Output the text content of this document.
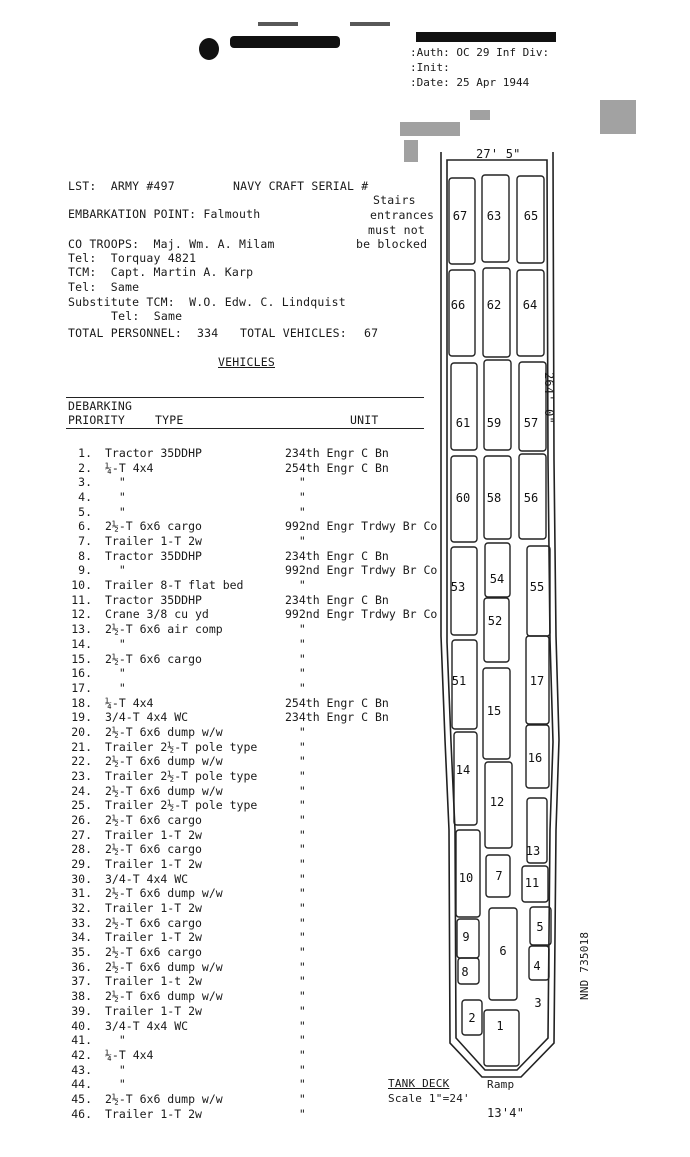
:Auth: OC 29 Inf Div:
:Init:
:Date: 25 Apr 1944
LST:  ARMY #497	NAVY CRAFT SERIAL #
EMBARKATION POINT: Falmouth
Stairs
entrances
must not
be blocked
CO TROOPS:  Maj. Wm. A. Milam
Tel:  Torquay 4821
TCM:  Capt. Martin A. Karp
Tel:  Same
Substitute TCM:  W.O. Edw. C. Lindquist
Tel:  Same
TOTAL PERSONNEL: 334 TOTAL VEHICLES: 67
VEHICLES
DEBARKING
PRIORITY	TYPE	UNIT
1. Tractor 35DDHP	234th Engr C Bn
2. ¼-T 4x4	254th Engr C Bn
3. "	"
4. "	"
5. "	"
6. 2½-T 6x6 cargo	992nd Engr Trdwy Br Co
7. Trailer 1-T 2w	"
8. Tractor 35DDHP	234th Engr C Bn
9. "	992nd Engr Trdwy Br Co
10. Trailer 8-T flat bed	"
11. Tractor 35DDHP	234th Engr C Bn
12. Crane 3/8 cu yd	992nd Engr Trdwy Br Co
13. 2½-T 6x6 air comp	"
14. "	"
15. 2½-T 6x6 cargo	"
16. "	"
17. "	"
18. ¼-T 4x4	254th Engr C Bn
19. 3/4-T 4x4 WC	234th Engr C Bn
20. 2½-T 6x6 dump w/w	"
21. Trailer 2½-T pole type "
22. 2½-T 6x6 dump w/w	"
23. Trailer 2½-T pole type "
24. 2½-T 6x6 dump w/w	"
25. Trailer 2½-T pole type "
26. 2½-T 6x6 cargo	"
27. Trailer 1-T 2w	"
28. 2½-T 6x6 cargo	"
29. Trailer 1-T 2w	"
30. 3/4-T 4x4 WC	"
31. 2½-T 6x6 dump w/w	"
32. Trailer 1-T 2w	"
33. 2½-T 6x6 cargo	"
34. Trailer 1-T 2w	"
35. 2½-T 6x6 cargo	"
36. 2½-T 6x6 dump w/w	"
37. Trailer 1-t 2w	"
38. 2½-T 6x6 dump w/w	"
39. Trailer 1-T 2w	"
40. 3/4-T 4x4 WC	"
41. "	"
42. ¼-T 4x4	"
43. "	"
44. "	"
45. 2½-T 6x6 dump w/w	"
46. Trailer 1-T 2w	"
67 63 65
66 62 64
61 59 57
60 58 56
53
54
55
52
51
15
17
14
16
12
13
10 7 11
9
6
5
8	4
3
2
1
27' 5"
264' 0"
Ramp
TANK DECK
Scale 1"=24'
13'4"
NND 735018
